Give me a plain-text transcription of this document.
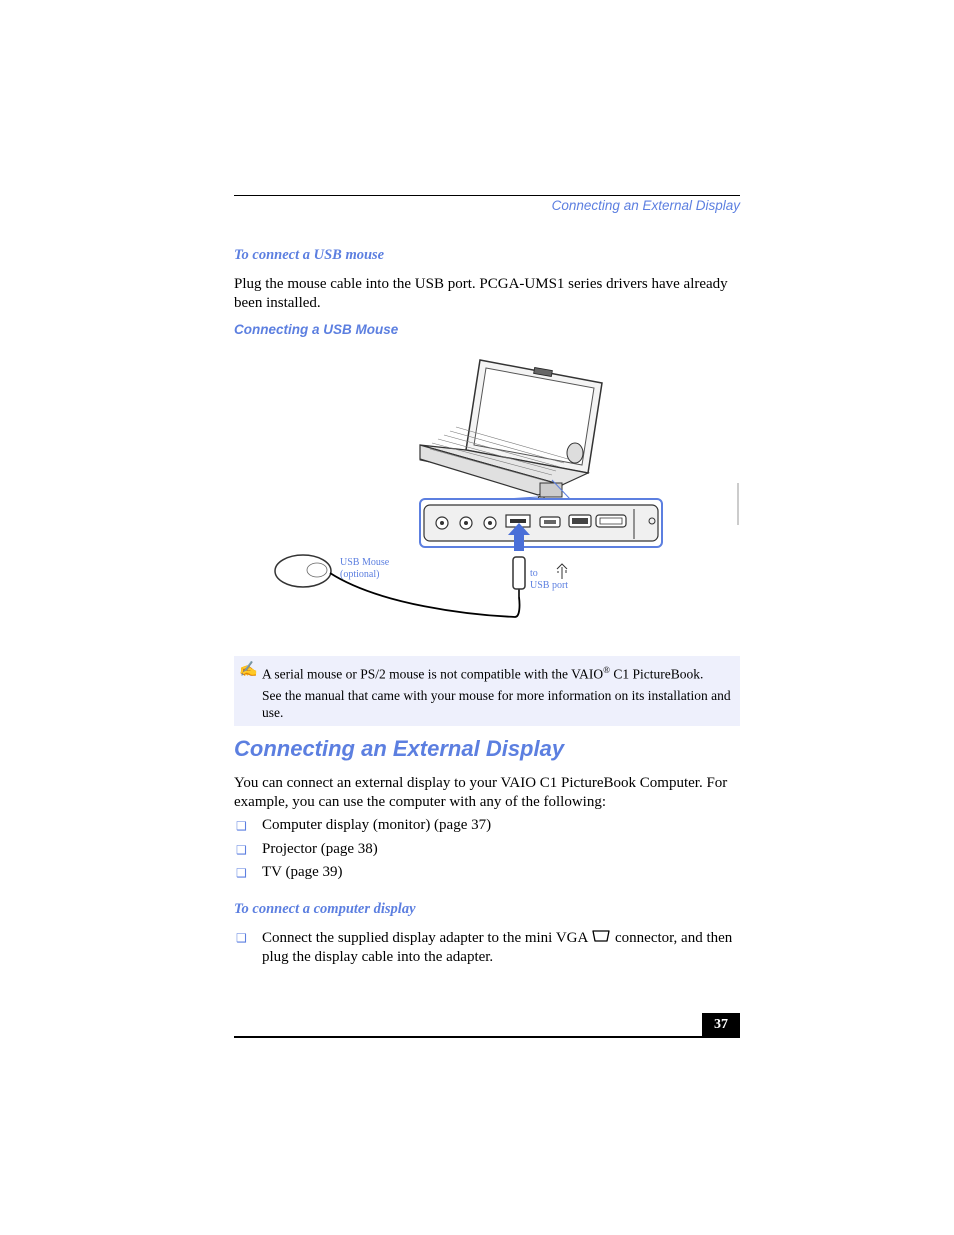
Connecting an External Display
To connect a USB mouse
Plug the mouse cable into the USB port. PCGA-UMS1 series drivers have already been installed.
Connecting a USB Mouse
USB Mouse
(optional)	to
USB port
✍ A serial mouse or PS/2 mouse is not compatible with the VAIO® C1 PictureBook.
See the manual that came with your mouse for more information on its installation and use.
Connecting an External Display
You can connect an external display to your VAIO C1 PictureBook Computer. For example, you can use the computer with any of the following:
❑ Computer display (monitor) (page 37)
❑ Projector (page 38)
❑ TV (page 39)
To connect a computer display
❑ Connect the supplied display adapter to the mini VGA connector, and then plug the display cable into the adapter.
37
